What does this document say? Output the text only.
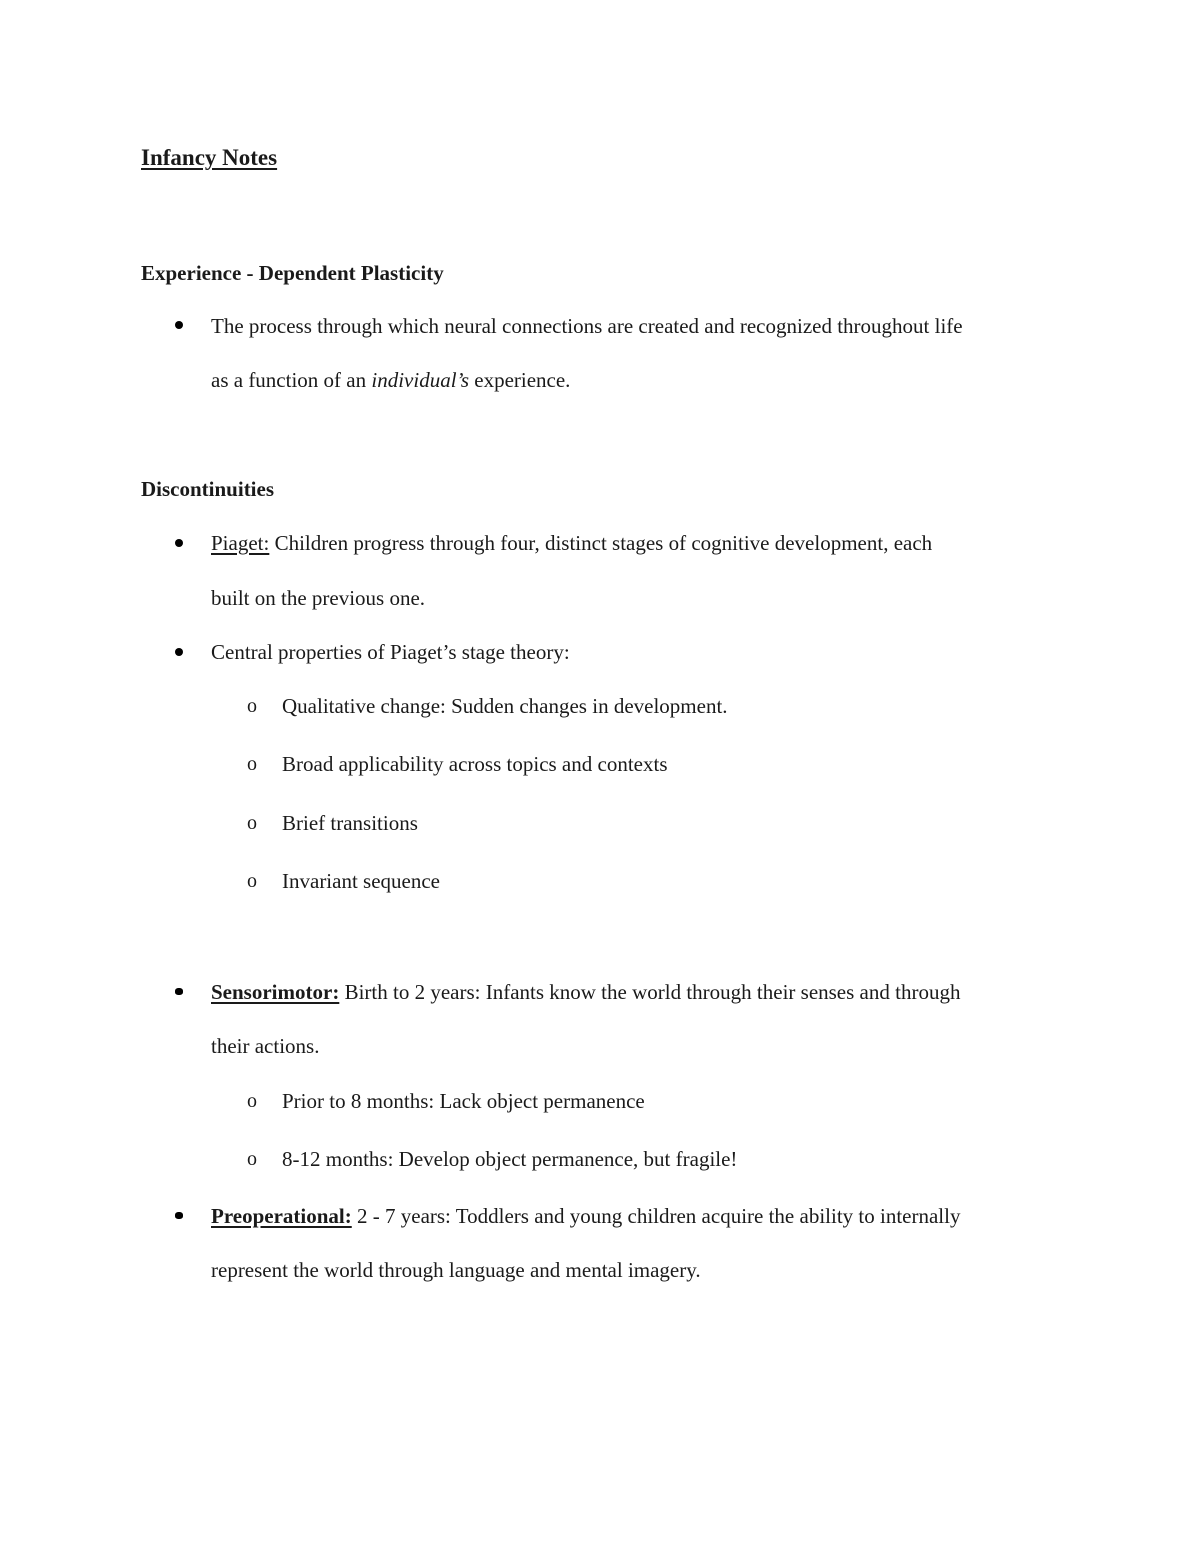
Infancy Notes
Experience - Dependent Plasticity
The process through which neural connections are created and recognized throughout life
as a function of an individual’s experience.
Discontinuities
Piaget: Children progress through four, distinct stages of cognitive development, each
built on the previous one.
Central properties of Piaget’s stage theory:
o Qualitative change: Sudden changes in development.
o Broad applicability across topics and contexts
o Brief transitions
o Invariant sequence
Sensorimotor: Birth to 2 years: Infants know the world through their senses and through
their actions.
o Prior to 8 months: Lack object permanence
o 8-12 months: Develop object permanence, but fragile!
Preoperational: 2 - 7 years: Toddlers and young children acquire the ability to internally
represent the world through language and mental imagery.
